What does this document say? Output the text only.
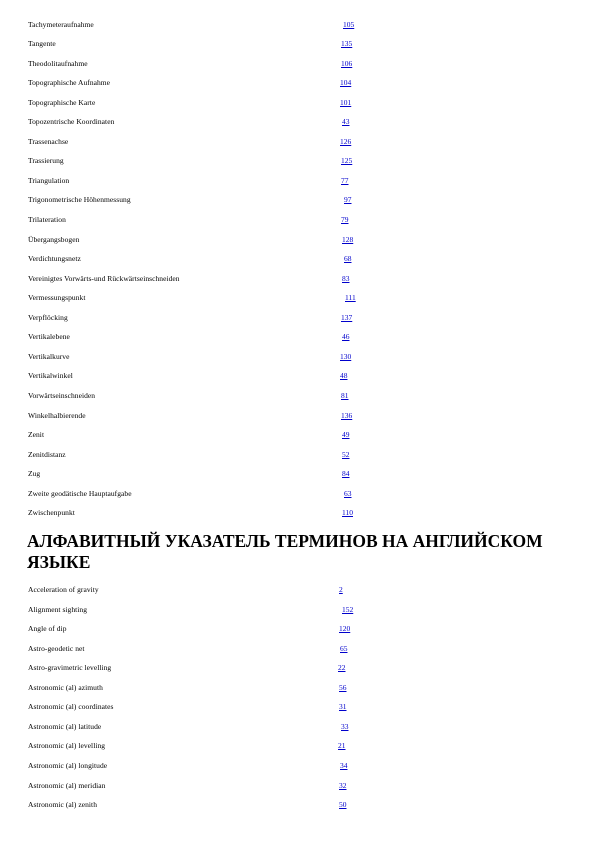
Tachymeteraufnahme	105
Tangente	135
Theodolitaufnahme	106
Topographische Aufnahme	104
Topographische Karte	101
Topozentrische Koordinaten	43
Trassenachse	126
Trassierung	125
Triangulation	77
Trigonometrische Höhenmessung	97
Trilateration	79
Übergangsbogen	128
Verdichtungsnetz	68
Vereinigtes Vorwärts-und Rückwärtseinschneiden	83
Vermessungspunkt	111
Verpflöcking	137
Vertikalebene	46
Vertikalkurve	130
Vertikalwinkel	48
Vorwärtseinschneiden	81
Winkelhalbierende	136
Zenit	49
Zenitdistanz	52
Zug	84
Zweite geodätische Hauptaufgabe	63
Zwischenpunkt	110
АЛФАВИТНЫЙ УКАЗАТЕЛЬ ТЕРМИНОВ НА АНГЛИЙСКОМ ЯЗЫКЕ
Acceleration of gravity	2
Alignment sighting	152
Angle of dip	120
Astro-geodetic net	65
Astro-gravimetric levelling	22
Astronomic (al) azimuth	56
Astronomic (al) coordinates	31
Astronomic (al) latitude	33
Astronomic (al) levelling	21
Astronomic (al) longitude	34
Astronomic (al) meridian	32
Astronomic (al) zenith	50
